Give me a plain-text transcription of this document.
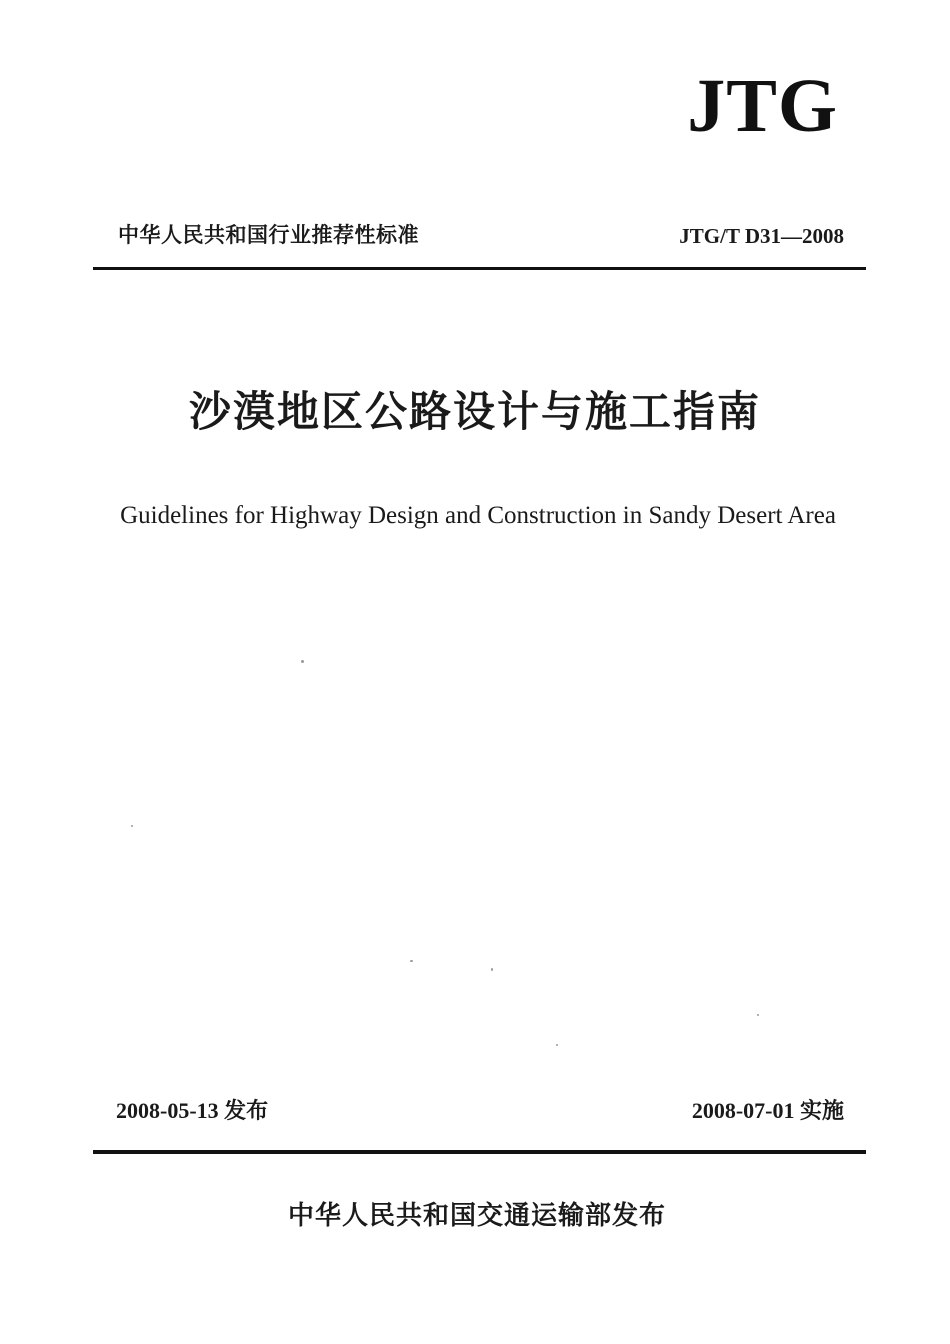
JTG
中华人民共和国行业推荐性标准	JTG/T D31—2008
沙漠地区公路设计与施工指南
Guidelines for Highway Design and Construction in Sandy Desert Area
2008-05-13 发布	2008-07-01 实施
中华人民共和国交通运输部发布
